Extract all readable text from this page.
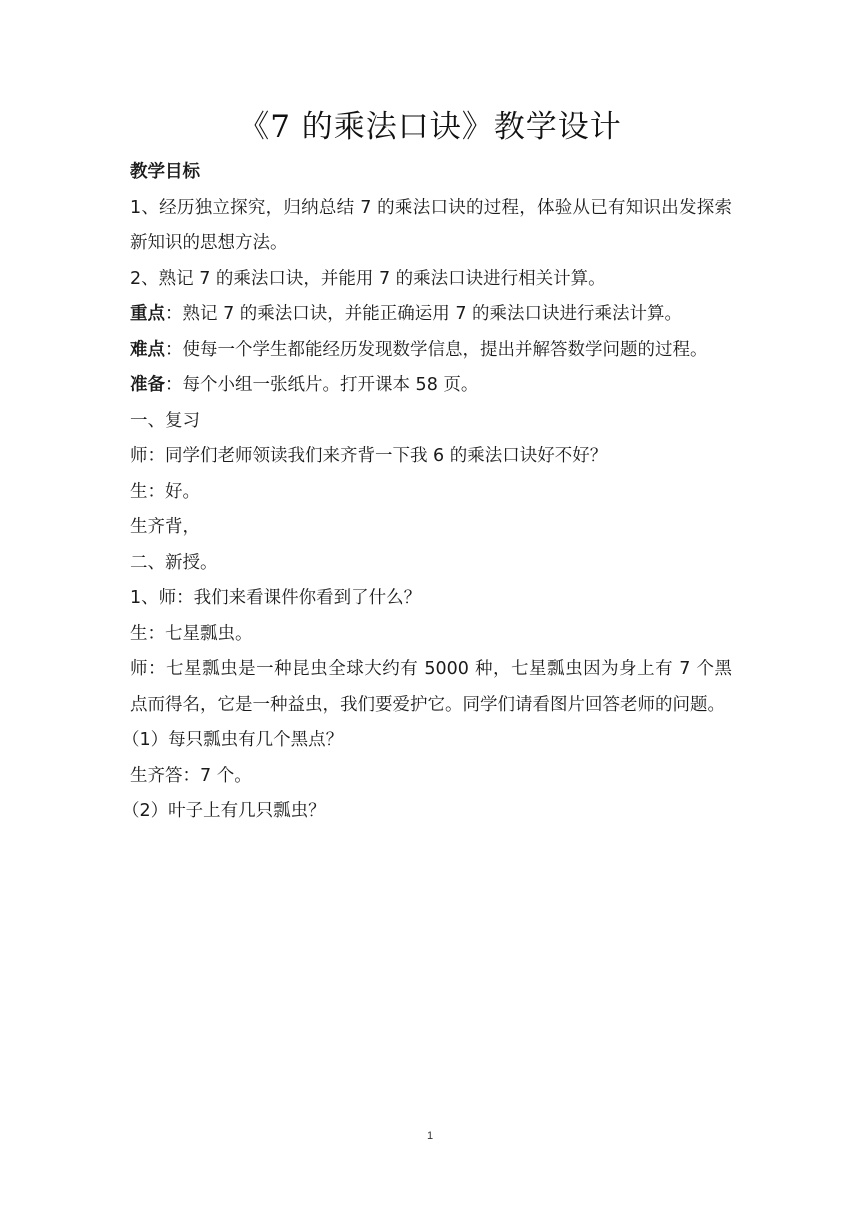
《7 的乘法口诀》教学设计

教学目标

1、经历独立探究，归纳总结 7 的乘法口诀的过程，体验从已有知识出发探索新知识的思想方法。

2、熟记 7 的乘法口诀，并能用 7 的乘法口诀进行相关计算。

重点：熟记 7 的乘法口诀，并能正确运用 7 的乘法口诀进行乘法计算。

难点：使每一个学生都能经历发现数学信息，提出并解答数学问题的过程。

准备：每个小组一张纸片。打开课本 58 页。

一、复习

师：同学们老师领读我们来齐背一下我 6 的乘法口诀好不好？

生：好。

生齐背，

二、新授。

1、师：我们来看课件你看到了什么？

生：七星瓢虫。

师：七星瓢虫是一种昆虫全球大约有 5000 种，七星瓢虫因为身上有 7 个黑点而得名，它是一种益虫，我们要爱护它。同学们请看图片回答老师的问题。

（1）每只瓢虫有几个黑点？

生齐答：7 个。

（2）叶子上有几只瓢虫？

1
